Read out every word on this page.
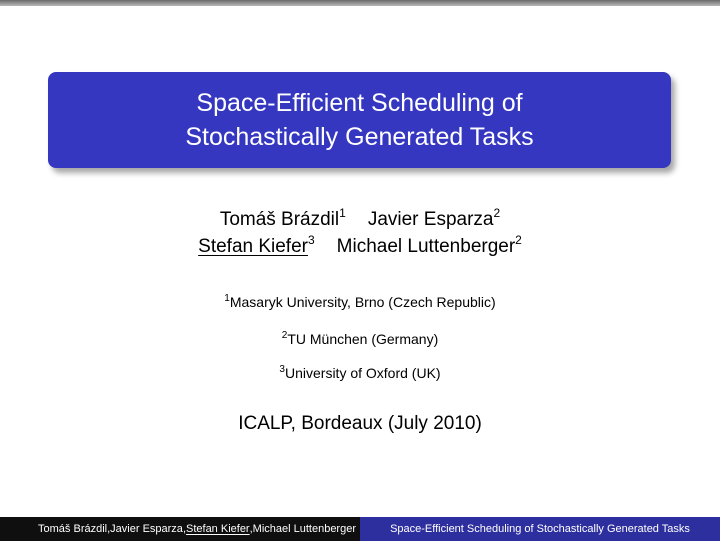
Space-Efficient Scheduling of
Stochastically Generated Tasks
Tomáš Brázdil$^1$ Javier Esparza$^2$
Stefan Kiefer$^3$ Michael Luttenberger$^2$
$^1$Masaryk University, Brno (Czech Republic)
$^2$TU München (Germany)
$^3$University of Oxford (UK)
ICALP, Bordeaux (July 2010)
Tomáš Brázdil , Javier Esparza , Stefan Kiefer , Michael Luttenberger	Space-Efficient Scheduling of Stochastically Generated Tasks
